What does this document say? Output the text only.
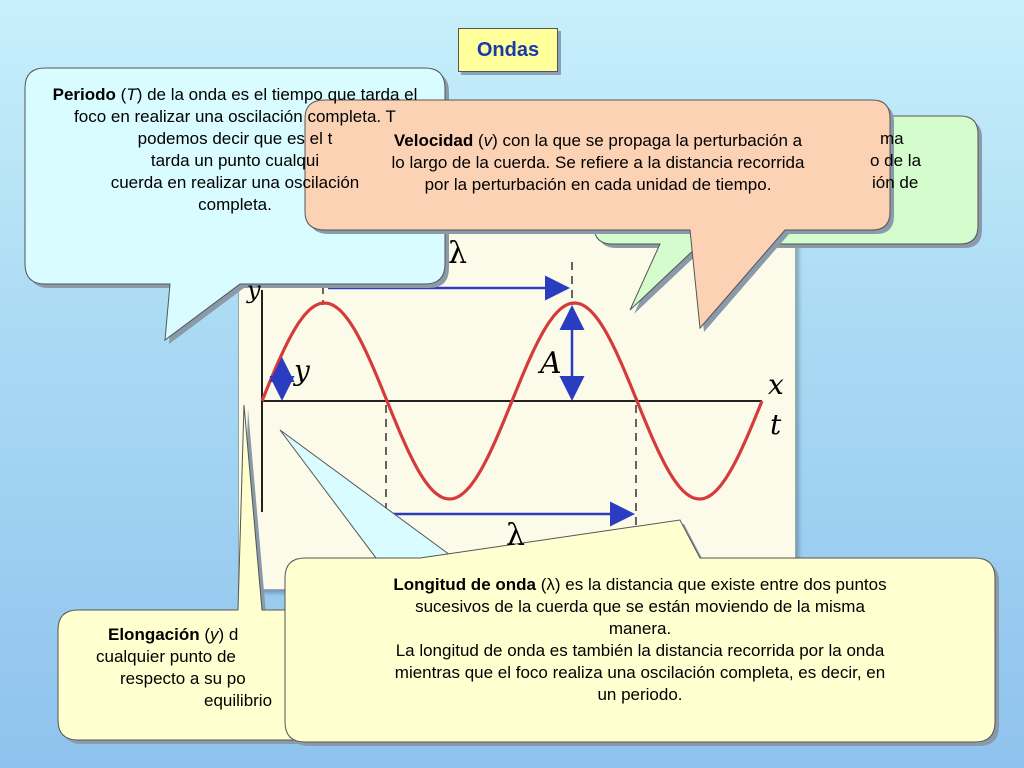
Ondas
λ
y
y	A
x
t
λ
ma
o de la
ión de
Periodo (T) de la onda es el tiempo que tarda el foco en realizar una oscilación completa. T
podemos decir que es el t
tarda un punto cualqui
cuerda en realizar una oscilación
completa.
Velocidad (v) con la que se propaga la perturbación a
lo largo de la cuerda. Se refiere a la distancia recorrida
por la perturbación en cada unidad de tiempo.
Elongación (y) d
cualquier punto de
respecto a su po
equilibrio
Longitud de onda (λ) es la distancia que existe entre dos puntos
sucesivos de la cuerda que se están moviendo de la misma
manera.
La longitud de onda es también la distancia recorrida por la onda
mientras que el foco realiza una oscilación completa, es decir, en
un periodo.
